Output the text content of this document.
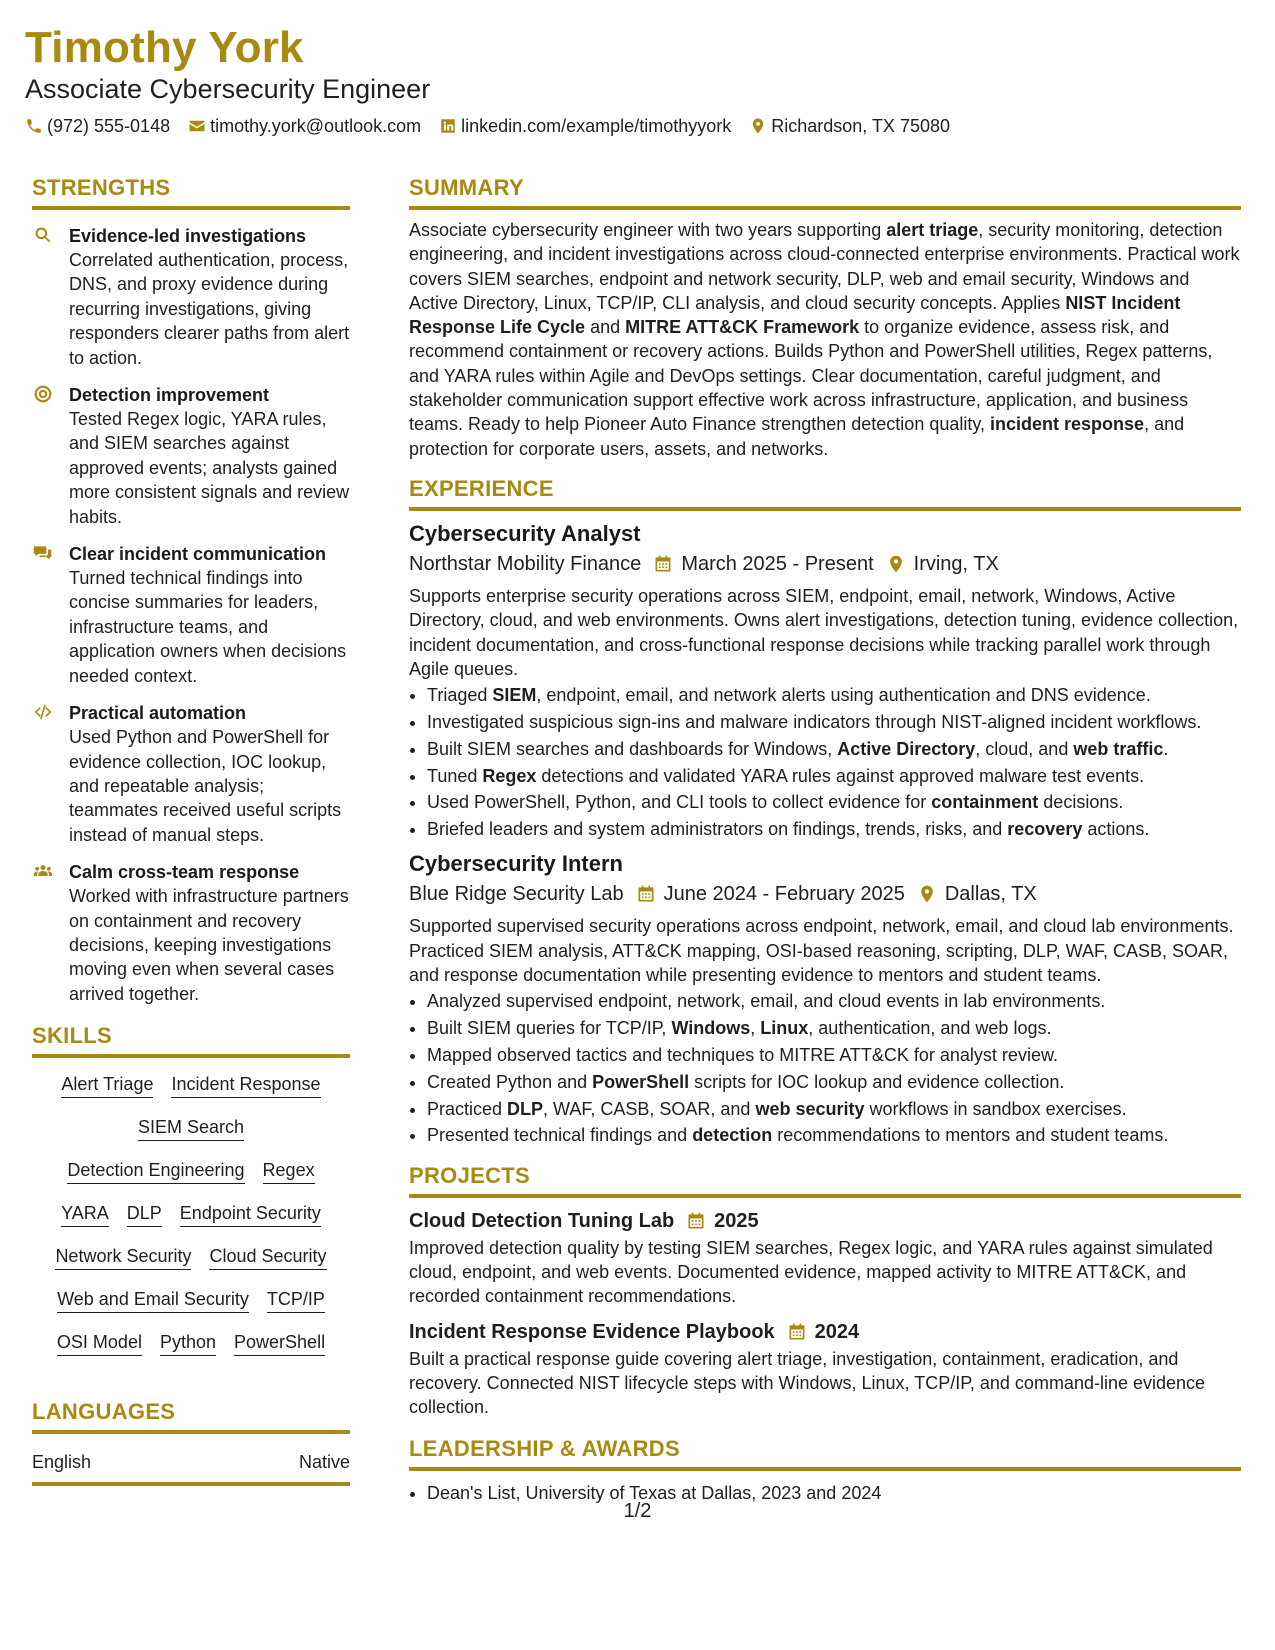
Timothy York
Associate Cybersecurity Engineer
(972) 555-0148 timothy.york@outlook.com linkedin.com/example/timothyyork Richardson, TX 75080
STRENGTHS
Evidence-led investigations
Correlated authentication, process, DNS, and proxy evidence during recurring investigations, giving responders clearer paths from alert to action.
Detection improvement
Tested Regex logic, YARA rules, and SIEM searches against approved events; analysts gained more consistent signals and review habits.
Clear incident communication
Turned technical findings into concise summaries for leaders, infrastructure teams, and application owners when decisions needed context.
Practical automation
Used Python and PowerShell for evidence collection, IOC lookup, and repeatable analysis; teammates received useful scripts instead of manual steps.
Calm cross-team response
Worked with infrastructure partners on containment and recovery decisions, keeping investigations moving even when several cases arrived together.
SKILLS
Alert Triage Incident Response
SIEM Search
Detection Engineering Regex
YARA DLP Endpoint Security
Network Security Cloud Security
Web and Email Security TCP/IP
OSI Model Python PowerShell
LANGUAGES
English	Native
SUMMARY
Associate cybersecurity engineer with two years supporting alert triage, security monitoring, detection engineering, and incident investigations across cloud-connected enterprise environments. Practical work covers SIEM searches, endpoint and network security, DLP, web and email security, Windows and Active Directory, Linux, TCP/IP, CLI analysis, and cloud security concepts. Applies NIST Incident Response Life Cycle and MITRE ATT&CK Framework to organize evidence, assess risk, and recommend containment or recovery actions. Builds Python and PowerShell utilities, Regex patterns, and YARA rules within Agile and DevOps settings. Clear documentation, careful judgment, and stakeholder communication support effective work across infrastructure, application, and business teams. Ready to help Pioneer Auto Finance strengthen detection quality, incident response, and protection for corporate users, assets, and networks.
EXPERIENCE
Cybersecurity Analyst
Northstar Mobility Finance March 2025 - Present Irving, TX
Supports enterprise security operations across SIEM, endpoint, email, network, Windows, Active Directory, cloud, and web environments. Owns alert investigations, detection tuning, evidence collection, incident documentation, and cross-functional response decisions while tracking parallel work through Agile queues.
• Triaged SIEM, endpoint, email, and network alerts using authentication and DNS evidence.
• Investigated suspicious sign-ins and malware indicators through NIST-aligned incident workflows.
• Built SIEM searches and dashboards for Windows, Active Directory, cloud, and web traffic.
• Tuned Regex detections and validated YARA rules against approved malware test events.
• Used PowerShell, Python, and CLI tools to collect evidence for containment decisions.
• Briefed leaders and system administrators on findings, trends, risks, and recovery actions.
Cybersecurity Intern
Blue Ridge Security Lab June 2024 - February 2025 Dallas, TX
Supported supervised security operations across endpoint, network, email, and cloud lab environments. Practiced SIEM analysis, ATT&CK mapping, OSI-based reasoning, scripting, DLP, WAF, CASB, SOAR, and response documentation while presenting evidence to mentors and student teams.
• Analyzed supervised endpoint, network, email, and cloud events in lab environments.
• Built SIEM queries for TCP/IP, Windows, Linux, authentication, and web logs.
• Mapped observed tactics and techniques to MITRE ATT&CK for analyst review.
• Created Python and PowerShell scripts for IOC lookup and evidence collection.
• Practiced DLP, WAF, CASB, SOAR, and web security workflows in sandbox exercises.
• Presented technical findings and detection recommendations to mentors and student teams.
PROJECTS
Cloud Detection Tuning Lab 2025
Improved detection quality by testing SIEM searches, Regex logic, and YARA rules against simulated cloud, endpoint, and web events. Documented evidence, mapped activity to MITRE ATT&CK, and recorded containment recommendations.
Incident Response Evidence Playbook 2024
Built a practical response guide covering alert triage, investigation, containment, eradication, and recovery. Connected NIST lifecycle steps with Windows, Linux, TCP/IP, and command-line evidence collection.
LEADERSHIP & AWARDS
• Dean's List, University of Texas at Dallas, 2023 and 2024
1/2
